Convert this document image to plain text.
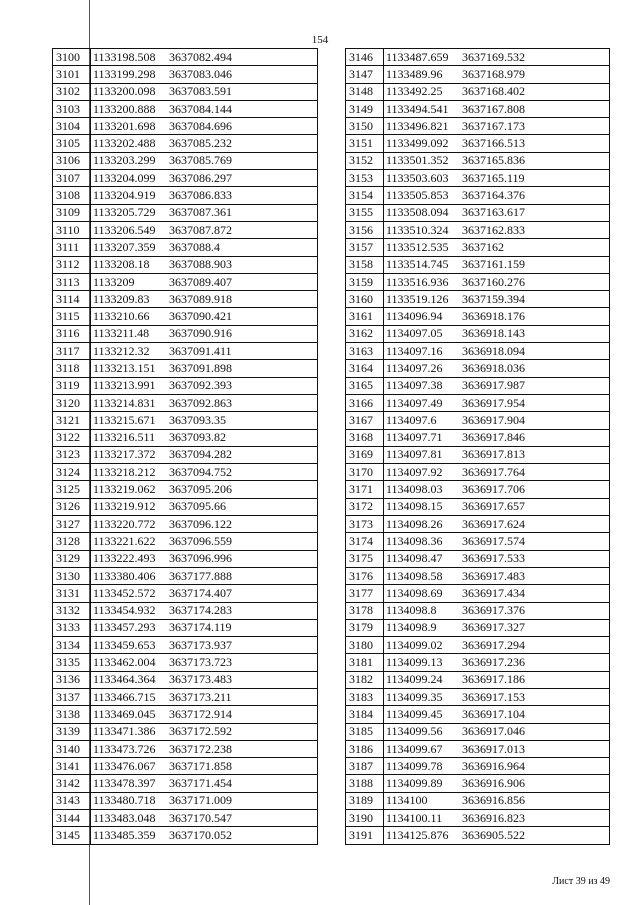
154
3100	1133198.508 3637082.494
3101	1133199.298 3637083.046
3102	1133200.098 3637083.591
3103	1133200.888 3637084.144
3104	1133201.698 3637084.696
3105	1133202.488 3637085.232
3106	1133203.299 3637085.769
3107	1133204.099 3637086.297
3108	1133204.919 3637086.833
3109	1133205.729 3637087.361
3110	1133206.549 3637087.872
3111	1133207.359 3637088.4
3112	1133208.18 3637088.903
3113	1133209 3637089.407
3114	1133209.83 3637089.918
3115	1133210.66 3637090.421
3116	1133211.48 3637090.916
3117	1133212.32 3637091.411
3118	1133213.151 3637091.898
3119	1133213.991 3637092.393
3120	1133214.831 3637092.863
3121	1133215.671 3637093.35
3122	1133216.511 3637093.82
3123	1133217.372 3637094.282
3124	1133218.212 3637094.752
3125	1133219.062 3637095.206
3126	1133219.912 3637095.66
3127	1133220.772 3637096.122
3128	1133221.622 3637096.559
3129	1133222.493 3637096.996
3130	1133380.406 3637177.888
3131	1133452.572 3637174.407
3132	1133454.932 3637174.283
3133	1133457.293 3637174.119
3134	1133459.653 3637173.937
3135	1133462.004 3637173.723
3136	1133464.364 3637173.483
3137	1133466.715 3637173.211
3138	1133469.045 3637172.914
3139	1133471.386 3637172.592
3140	1133473.726 3637172.238
3141	1133476.067 3637171.858
3142	1133478.397 3637171.454
3143	1133480.718 3637171.009
3144	1133483.048 3637170.547
3145	1133485.359 3637170.052
3146	1133487.659 3637169.532
3147	1133489.96 3637168.979
3148	1133492.25 3637168.402
3149	1133494.541 3637167.808
3150	1133496.821 3637167.173
3151	1133499.092 3637166.513
3152	1133501.352 3637165.836
3153	1133503.603 3637165.119
3154	1133505.853 3637164.376
3155	1133508.094 3637163.617
3156	1133510.324 3637162.833
3157	1133512.535 3637162
3158	1133514.745 3637161.159
3159	1133516.936 3637160.276
3160	1133519.126 3637159.394
3161	1134096.94 3636918.176
3162	1134097.05 3636918.143
3163	1134097.16 3636918.094
3164	1134097.26 3636918.036
3165	1134097.38 3636917.987
3166	1134097.49 3636917.954
3167	1134097.6 3636917.904
3168	1134097.71 3636917.846
3169	1134097.81 3636917.813
3170	1134097.92 3636917.764
3171	1134098.03 3636917.706
3172	1134098.15 3636917.657
3173	1134098.26 3636917.624
3174	1134098.36 3636917.574
3175	1134098.47 3636917.533
3176	1134098.58 3636917.483
3177	1134098.69 3636917.434
3178	1134098.8 3636917.376
3179	1134098.9 3636917.327
3180	1134099.02 3636917.294
3181	1134099.13 3636917.236
3182	1134099.24 3636917.186
3183	1134099.35 3636917.153
3184	1134099.45 3636917.104
3185	1134099.56 3636917.046
3186	1134099.67 3636917.013
3187	1134099.78 3636916.964
3188	1134099.89 3636916.906
3189	1134100 3636916.856
3190	1134100.11 3636916.823
3191	1134125.876 3636905.522
Лист 39 из 49
